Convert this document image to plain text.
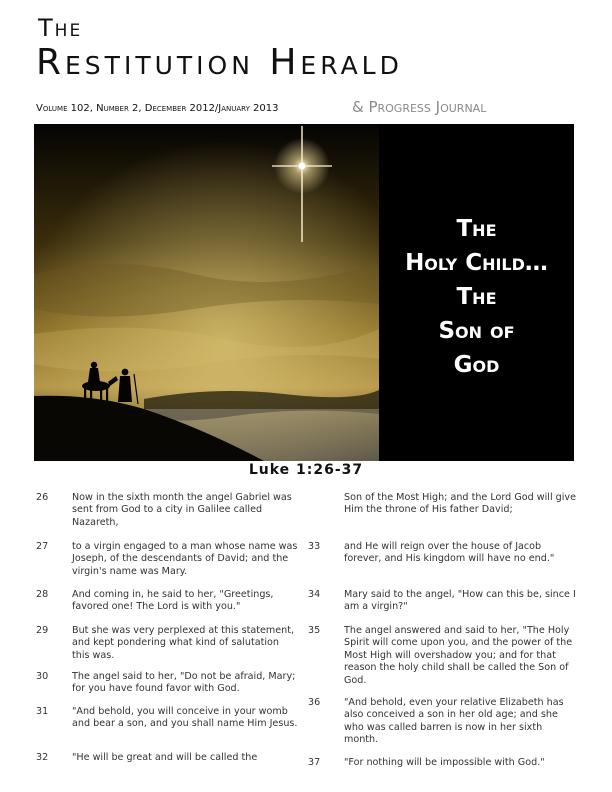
The
Restitution Herald
Volume 102, Number 2, December 2012/January 2013	& Progress Journal
The
Holy Child…
The
Son of
God
Luke 1:26-37
26	Now in the sixth month the angel Gabriel was sent from God to a city in Galilee called Nazareth,
27	to a virgin engaged to a man whose name was Joseph, of the descendants of David; and the virgin's name was Mary.
28	And coming in, he said to her, "Greetings, favored one! The Lord is with you."
29	But she was very perplexed at this statement, and kept pondering what kind of salutation this was.
30	The angel said to her, "Do not be afraid, Mary; for you have found favor with God.
31	"And behold, you will conceive in your womb and bear a son, and you shall name Him Jesus.
32	"He will be great and will be called the
Son of the Most High; and the Lord God will give Him the throne of His father David;
33	and He will reign over the house of Jacob forever, and His kingdom will have no end."
34	Mary said to the angel, "How can this be, since I am a virgin?"
35	The angel answered and said to her, "The Holy Spirit will come upon you, and the power of the Most High will overshadow you; and for that reason the holy child shall be called the Son of God.
36	"And behold, even your relative Elizabeth has also conceived a son in her old age; and she who was called barren is now in her sixth month.
37	"For nothing will be impossible with God."
